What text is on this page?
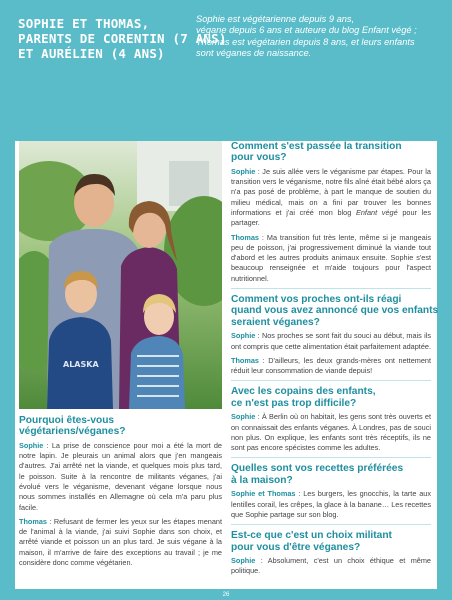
SOPHIE ET THOMAS,
PARENTS DE CORENTIN (7 ANS)
ET AURÉLIEN (4 ANS)
Sophie est végétarienne depuis 9 ans,
végane depuis 6 ans et auteure du blog Enfant végé ;
Thomas est végétarien depuis 8 ans, et leurs enfants
sont véganes de naissance.
ALASKA
Pourquoi êtes-vous
végétariens/véganes?
Sophie : La prise de conscience pour moi a été la mort de notre lapin. Je pleurais un animal alors que j'en mangeais d'autres. J'ai arrêté net la viande, et quelques mois plus tard, le poisson. Suite à la rencontre de militants véganes, j'ai évolué vers le véganisme, devenant végane lorsque nous nous sommes installés en Allemagne où cela m'a paru plus facile.
Thomas : Refusant de fermer les yeux sur les étapes menant de l'animal à la viande, j'ai suivi Sophie dans son choix, et arrêté viande et poisson un an plus tard. Je suis végane à la maison, il m'arrive de faire des exceptions au travail ; je me considère donc comme végétarien.
Comment s'est passée la transition
pour vous?
Sophie : Je suis allée vers le véganisme par étapes. Pour la transition vers le véganisme, notre fils aîné était bébé alors ça n'a pas posé de problème, à part le manque de soutien du milieu médical, mais on a fini par trouver les bonnes informations et j'ai créé mon blog Enfant végé pour les partager.
Thomas : Ma transition fut très lente, même si je mangeais peu de poisson, j'ai progressivement diminué la viande tout d'abord et les autres produits animaux ensuite. Sophie s'est beaucoup renseignée et m'aide toujours pour l'aspect nutritionnel.
Comment vos proches ont-ils réagi
quand vous avez annoncé que vos enfants
seraient véganes?
Sophie : Nos proches se sont fait du souci au début, mais ils ont compris que cette alimentation était parfaitement adaptée.
Thomas : D'ailleurs, les deux grands-mères ont nettement réduit leur consommation de viande depuis!
Avec les copains des enfants,
ce n'est pas trop difficile?
Sophie : À Berlin où on habitait, les gens sont très ouverts et on connaissait des enfants véganes. À Londres, pas de souci non plus. On explique, les enfants sont très réceptifs, ils ne sont pas encore spécistes comme les adultes.
Quelles sont vos recettes préférées
à la maison?
Sophie et Thomas : Les burgers, les gnocchis, la tarte aux lentilles corail, les crêpes, la glace à la banane… Les recettes que Sophie partage sur son blog.
Est-ce que c'est un choix militant
pour vous d'être véganes?
Sophie : Absolument, c'est un choix éthique et même politique.
26
